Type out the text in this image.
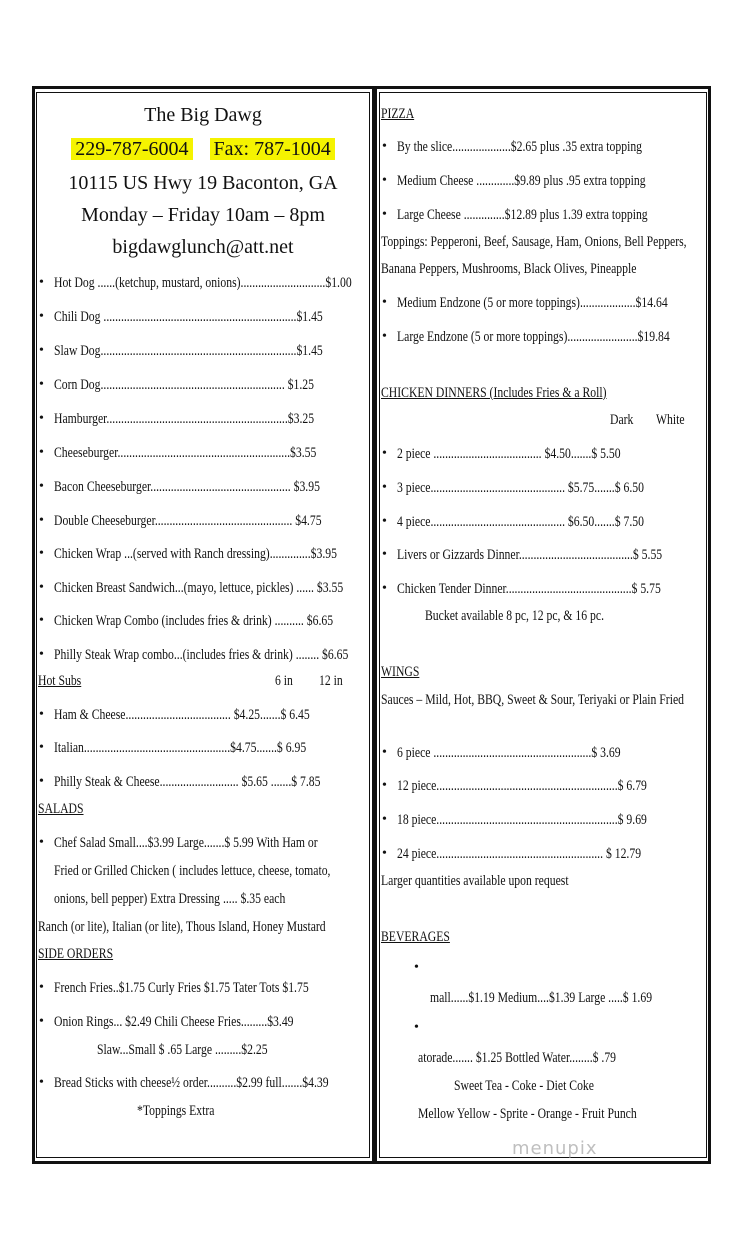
The Big Dawg
229-787-6004 Fax: 787-1004
10115 US Hwy 19 Baconton, GA
Monday – Friday 10am – 8pm
bigdawglunch@att.net
• Hot Dog ......(ketchup, mustard, onions).............................$1.00
• Chili Dog ..................................................................$1.45
• Slaw Dog...................................................................$1.45
• Corn Dog............................................................... $1.25
• Hamburger..............................................................$3.25
• Cheeseburger...........................................................$3.55
• Bacon Cheeseburger................................................ $3.95
• Double Cheeseburger............................................... $4.75
• Chicken Wrap ...(served with Ranch dressing)..............$3.95
• Chicken Breast Sandwich...(mayo, lettuce, pickles) ...... $3.55
• Chicken Wrap Combo (includes fries & drink) .......... $6.65
• Philly Steak Wrap combo...(includes fries & drink) ........ $6.65
Hot Subs	6 in 12 in
• Ham & Cheese.................................... $4.25.......$ 6.45
• Italian..................................................$4.75.......$ 6.95
• Philly Steak & Cheese........................... $5.65 .......$ 7.85
SALADS
• Chef Salad Small....$3.99 Large.......$ 5.99 With Ham or
Fried or Grilled Chicken ( includes lettuce, cheese, tomato,
onions, bell pepper) Extra Dressing ..... $.35 each
Ranch (or lite), Italian (or lite), Thous Island, Honey Mustard
SIDE ORDERS
• French Fries..$1.75 Curly Fries $1.75 Tater Tots $1.75
• Onion Rings... $2.49 Chili Cheese Fries.........$3.49
Slaw...Small $ .65 Large .........$2.25
• Bread Sticks with cheese½ order..........$2.99 full.......$4.39
*Toppings Extra
PIZZA
• By the slice....................$2.65 plus .35 extra topping
• Medium Cheese .............$9.89 plus .95 extra topping
• Large Cheese ..............$12.89 plus 1.39 extra topping
Toppings: Pepperoni, Beef, Sausage, Ham, Onions, Bell Peppers,
Banana Peppers, Mushrooms, Black Olives, Pineapple
• Medium Endzone (5 or more toppings)...................$14.64
• Large Endzone (5 or more toppings)........................$19.84
CHICKEN DINNERS (Includes Fries & a Roll)
Dark White
• 2 piece ..................................... $4.50.......$ 5.50
• 3 piece.............................................. $5.75.......$ 6.50
• 4 piece.............................................. $6.50.......$ 7.50
• Livers or Gizzards Dinner.......................................$ 5.55
• Chicken Tender Dinner...........................................$ 5.75
Bucket available 8 pc, 12 pc, & 16 pc.
WINGS
Sauces – Mild, Hot, BBQ, Sweet & Sour, Teriyaki or Plain Fried
• 6 piece ......................................................$ 3.69
• 12 piece..............................................................$ 6.79
• 18 piece..............................................................$ 9.69
• 24 piece......................................................... $ 12.79
Larger quantities available upon request
BEVERAGES
•
mall......$1.19 Medium....$1.39 Large .....$ 1.69
•
atorade....... $1.25 Bottled Water........$ .79
Sweet Tea - Coke - Diet Coke
Mellow Yellow - Sprite - Orange - Fruit Punch
menupix
